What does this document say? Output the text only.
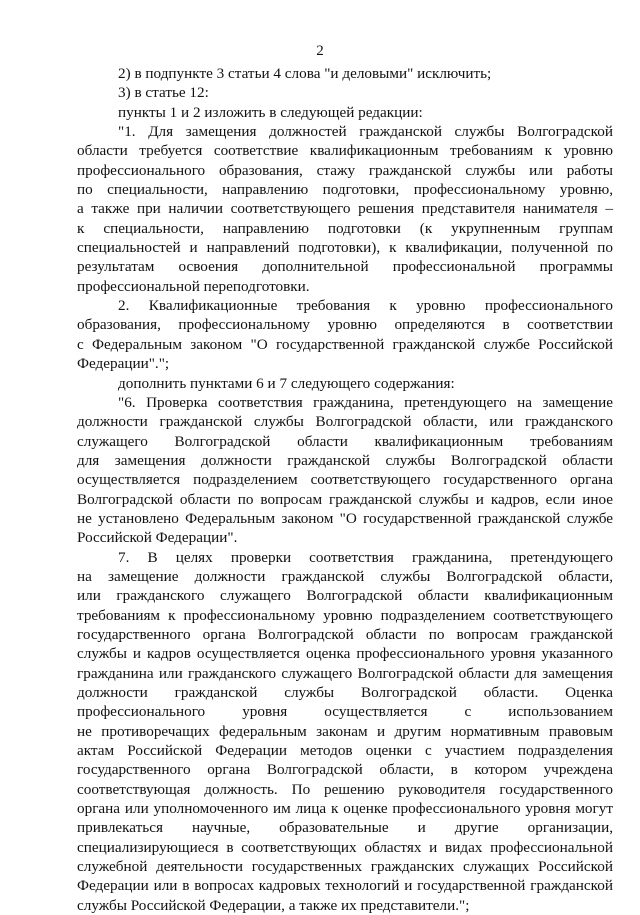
2
2) в подпункте 3 статьи 4 слова "и деловыми" исключить;
3) в статье 12:
пункты 1 и 2 изложить в следующей редакции:
"1. Для замещения должностей гражданской службы Волгоградской
области требуется соответствие квалификационным требованиям к уровню
профессионального образования, стажу гражданской службы или работы
по специальности, направлению подготовки, профессиональному уровню,
а также при наличии соответствующего решения представителя нанимателя –
к специальности, направлению подготовки (к укрупненным группам
специальностей и направлений подготовки), к квалификации, полученной по
результатам освоения дополнительной профессиональной программы
профессиональной переподготовки.
2. Квалификационные требования к уровню профессионального
образования, профессиональному уровню определяются в соответствии
с Федеральным законом "О государственной гражданской службе Российской
Федерации".";
дополнить пунктами 6 и 7 следующего содержания:
"6. Проверка соответствия гражданина, претендующего на замещение
должности гражданской службы Волгоградской области, или гражданского
служащего Волгоградской области квалификационным требованиям
для замещения должности гражданской службы Волгоградской области
осуществляется подразделением соответствующего государственного органа
Волгоградской области по вопросам гражданской службы и кадров, если иное
не установлено Федеральным законом "О государственной гражданской службе
Российской Федерации".
7. В целях проверки соответствия гражданина, претендующего
на замещение должности гражданской службы Волгоградской области,
или гражданского служащего Волгоградской области квалификационным
требованиям к профессиональному уровню подразделением соответствующего
государственного органа Волгоградской области по вопросам гражданской
службы и кадров осуществляется оценка профессионального уровня указанного
гражданина или гражданского служащего Волгоградской области для замещения
должности гражданской службы Волгоградской области. Оценка
профессионального уровня осуществляется с использованием
не противоречащих федеральным законам и другим нормативным правовым
актам Российской Федерации методов оценки с участием подразделения
государственного органа Волгоградской области, в котором учреждена
соответствующая должность. По решению руководителя государственного
органа или уполномоченного им лица к оценке профессионального уровня могут
привлекаться научные, образовательные и другие организации,
специализирующиеся в соответствующих областях и видах профессиональной
служебной деятельности государственных гражданских служащих Российской
Федерации или в вопросах кадровых технологий и государственной гражданской
службы Российской Федерации, а также их представители.";
